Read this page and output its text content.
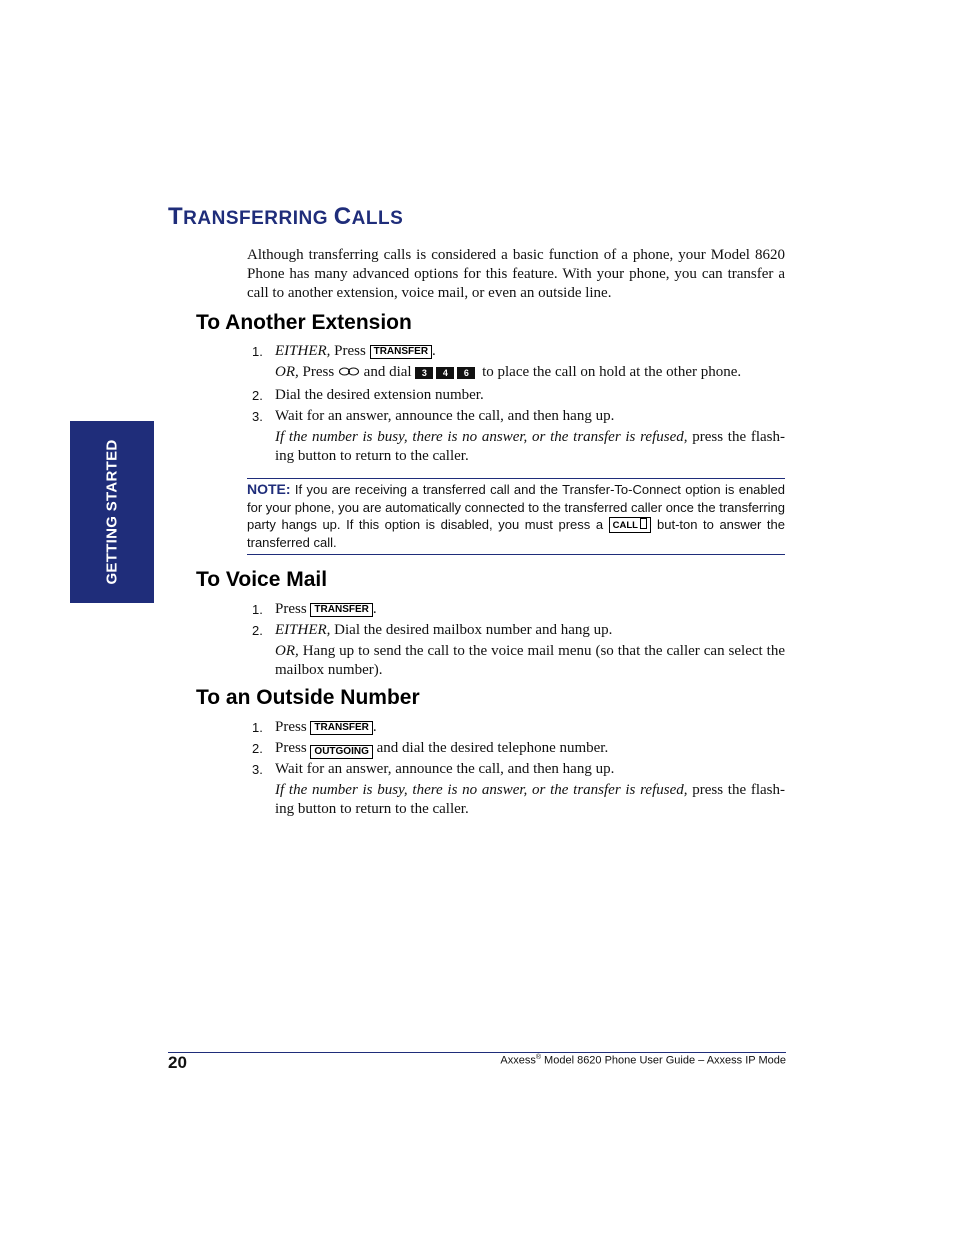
GETTING STARTED
TRANSFERRING CALLS
Although transferring calls is considered a basic function of a phone, your Model 8620 Phone has many advanced options for this feature. With your phone, you can transfer a call to another extension, voice mail, or even an outside line.
To Another Extension
1. EITHER, Press TRANSFER .
OR, Press  and dial 3 4 6 to place the call on hold at the other phone.
2. Dial the desired extension number.
3. Wait for an answer, announce the call, and then hang up.
If the number is busy, there is no answer, or the transfer is refused, press the flash-ing button to return to the caller.
NOTE: If you are receiving a transferred call and the Transfer-To-Connect option is enabled for your phone, you are automatically connected to the transferred caller once the transferring party hangs up. If this option is disabled, you must press a CALL  but-ton to answer the transferred call.
To Voice Mail
1. Press TRANSFER .
2. EITHER, Dial the desired mailbox number and hang up.
OR, Hang up to send the call to the voice mail menu (so that the caller can select the mailbox number).
To an Outside Number
1. Press TRANSFER .
2. Press OUTGOING and dial the desired telephone number.
3. Wait for an answer, announce the call, and then hang up.
If the number is busy, there is no answer, or the transfer is refused, press the flash-ing button to return to the caller.
20	Axxess® Model 8620 Phone User Guide – Axxess IP Mode
